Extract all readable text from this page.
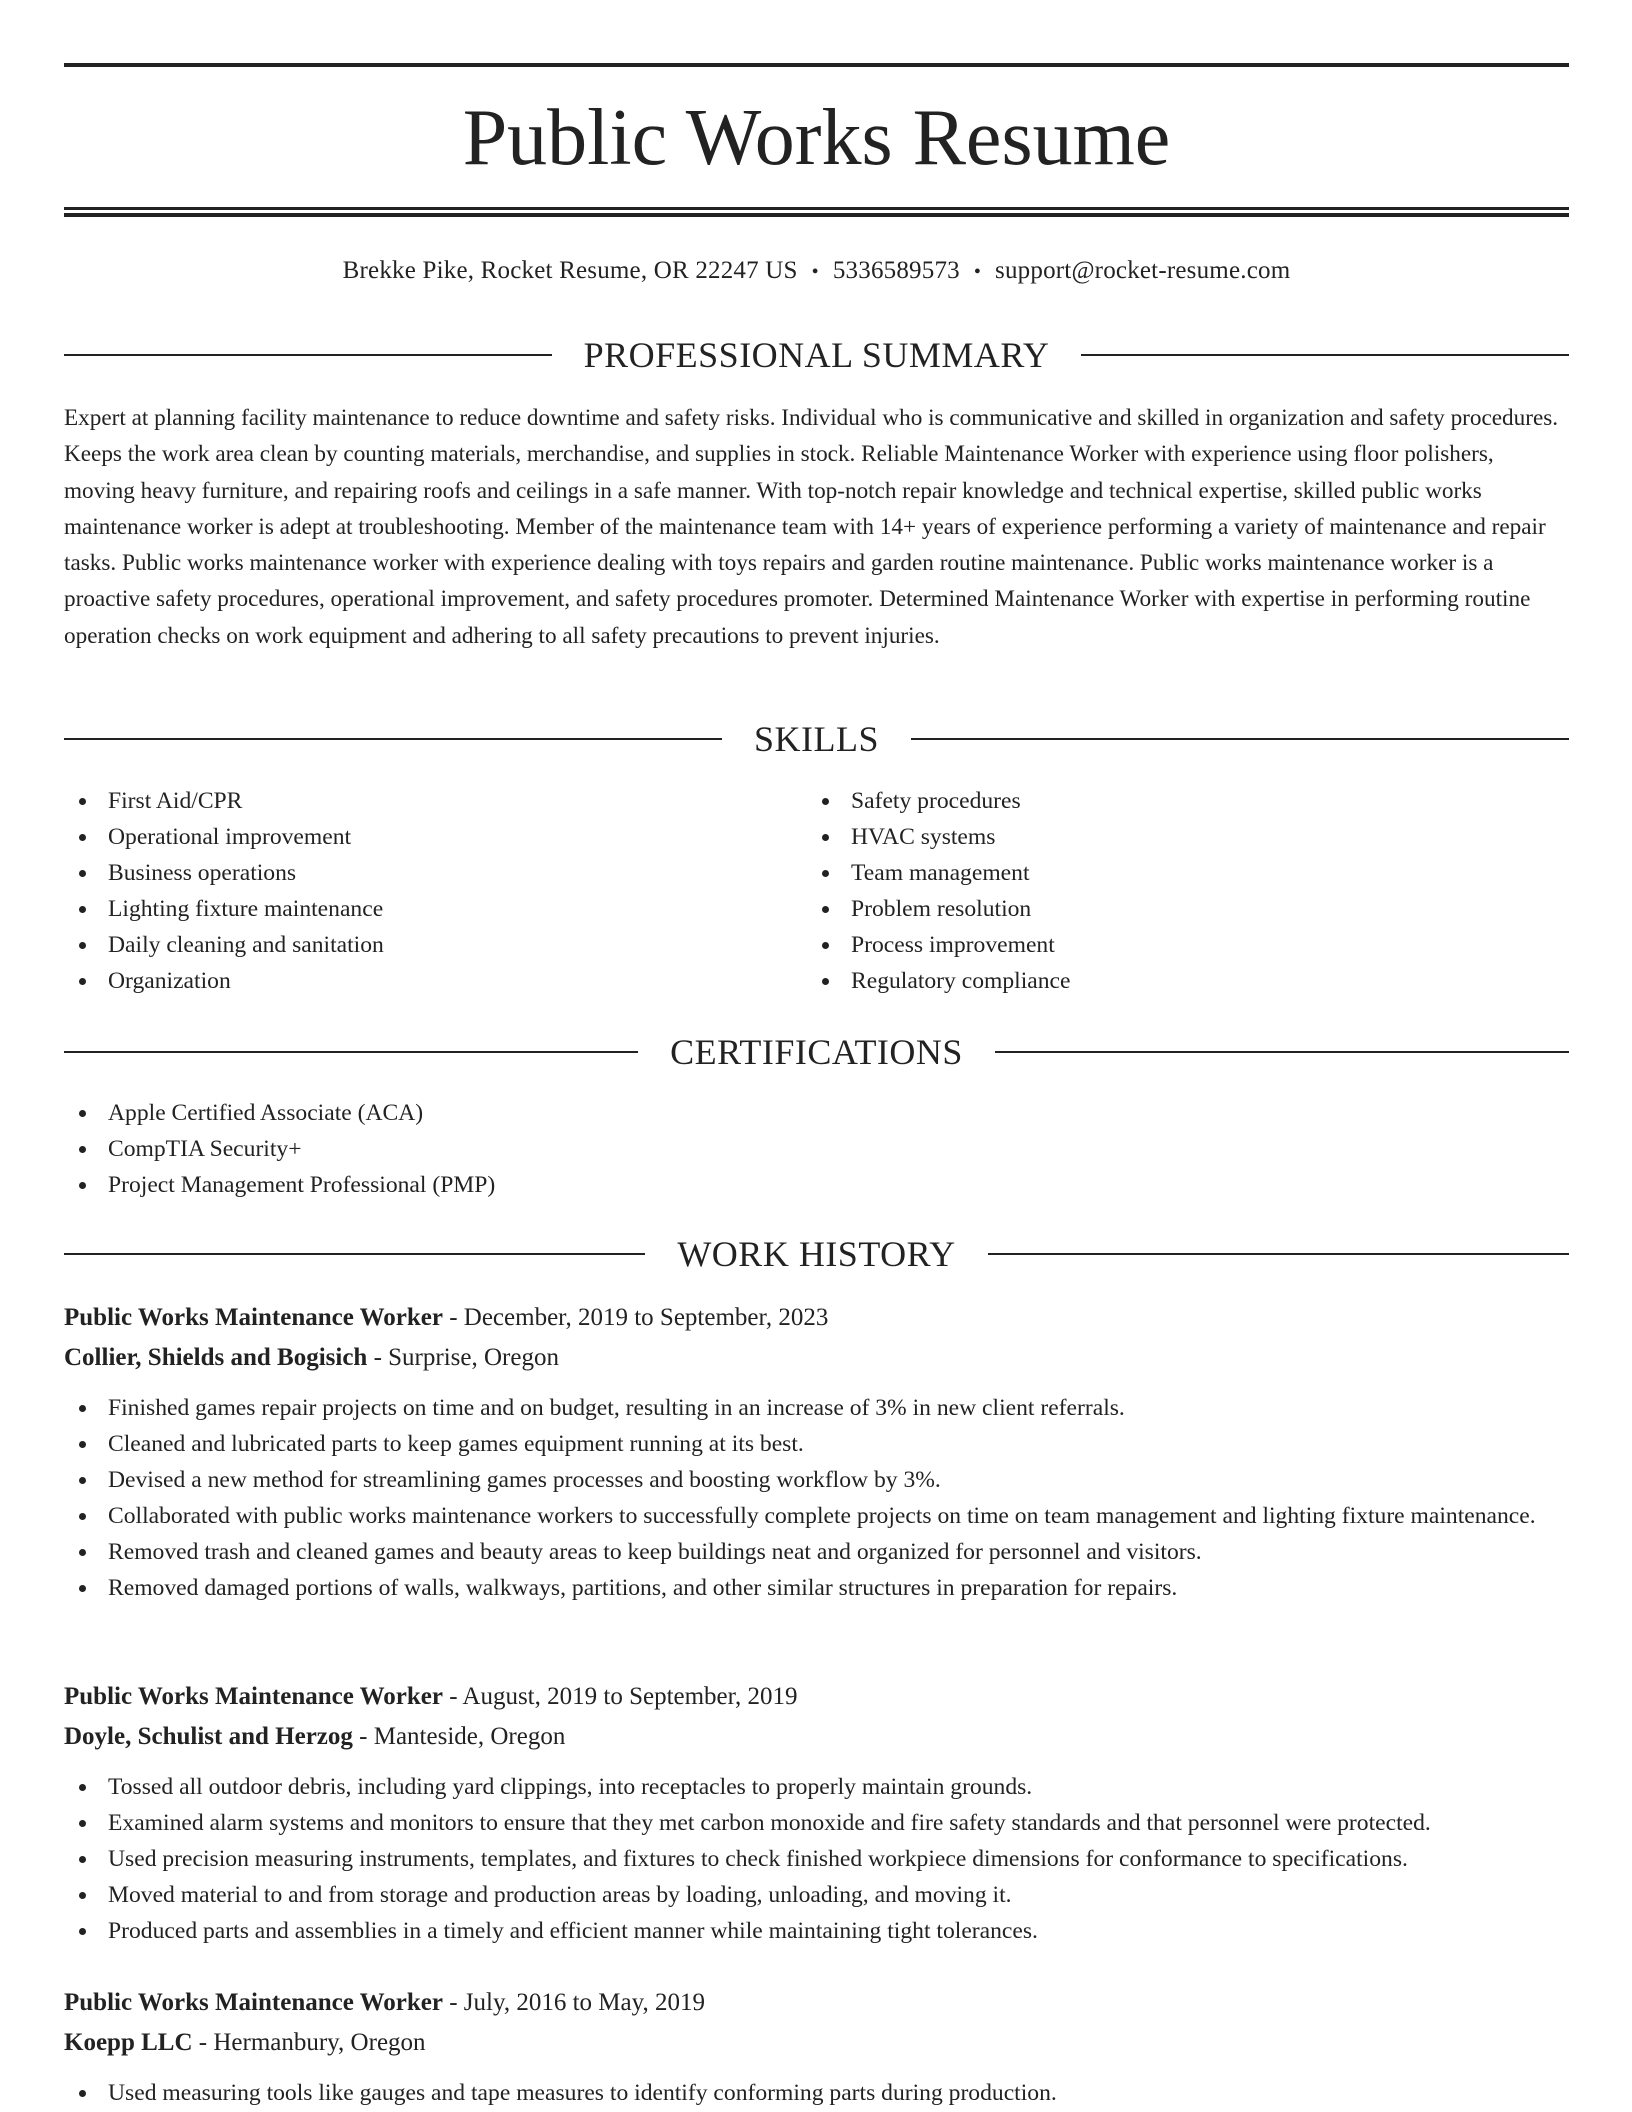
Public Works Resume
Brekke Pike, Rocket Resume, OR 22247 US • 5336589573 • support@rocket-resume.com
PROFESSIONAL SUMMARY

Expert at planning facility maintenance to reduce downtime and safety risks. Individual who is communicative and skilled in organization and safety procedures. Keeps the work area clean by counting materials, merchandise, and supplies in stock. Reliable Maintenance Worker with experience using floor polishers, moving heavy furniture, and repairing roofs and ceilings in a safe manner. With top-notch repair knowledge and technical expertise, skilled public works maintenance worker is adept at troubleshooting. Member of the maintenance team with 14+ years of experience performing a variety of maintenance and repair tasks. Public works maintenance worker with experience dealing with toys repairs and garden routine maintenance. Public works maintenance worker is a proactive safety procedures, operational improvement, and safety procedures promoter. Determined Maintenance Worker with expertise in performing routine operation checks on work equipment and adhering to all safety precautions to prevent injuries.

SKILLS
First Aid/CPR
Operational improvement
Business operations
Lighting fixture maintenance
Daily cleaning and sanitation
Organization
Safety procedures
HVAC systems
Team management
Problem resolution
Process improvement
Regulatory compliance
CERTIFICATIONS
Apple Certified Associate (ACA)
CompTIA Security+
Project Management Professional (PMP)
WORK HISTORY
Public Works Maintenance Worker - December, 2019 to September, 2023
Collier, Shields and Bogisich - Surprise, Oregon
Finished games repair projects on time and on budget, resulting in an increase of 3% in new client referrals.
Cleaned and lubricated parts to keep games equipment running at its best.
Devised a new method for streamlining games processes and boosting workflow by 3%.
Collaborated with public works maintenance workers to successfully complete projects on time on team management and lighting fixture maintenance.
Removed trash and cleaned games and beauty areas to keep buildings neat and organized for personnel and visitors.
Removed damaged portions of walls, walkways, partitions, and other similar structures in preparation for repairs.
Public Works Maintenance Worker - August, 2019 to September, 2019
Doyle, Schulist and Herzog - Manteside, Oregon
Tossed all outdoor debris, including yard clippings, into receptacles to properly maintain grounds.
Examined alarm systems and monitors to ensure that they met carbon monoxide and fire safety standards and that personnel were protected.
Used precision measuring instruments, templates, and fixtures to check finished workpiece dimensions for conformance to specifications.
Moved material to and from storage and production areas by loading, unloading, and moving it.
Produced parts and assemblies in a timely and efficient manner while maintaining tight tolerances.
Public Works Maintenance Worker - July, 2016 to May, 2019
Koepp LLC - Hermanbury, Oregon
Used measuring tools like gauges and tape measures to identify conforming parts during production.
